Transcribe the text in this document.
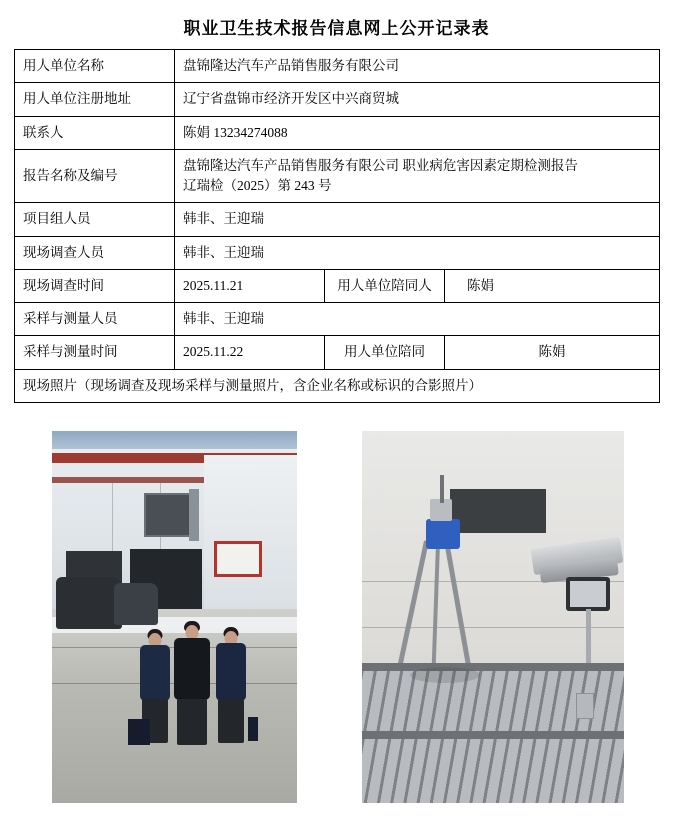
职业卫生技术报告信息网上公开记录表
用人单位名称	盘锦隆达汽车产品销售服务有限公司		
用人单位注册地址	辽宁省盘锦市经济开发区中兴商贸城		
联系人	陈娟 13234274088		
报告名称及编号	盘锦隆达汽车产品销售服务有限公司 职业病危害因素定期检测报告
辽瑞检（2025）第 243 号		

项目组人员	韩非、王迎瑞		
现场调查人员	韩非、王迎瑞		
现场调查时间	2025.11.21	用人单位陪同人	陈娟
采样与测量人员	韩非、王迎瑞		
采样与测量时间	2025.11.22	用人单位陪同	陈娟
现场照片（现场调查及现场采样与测量照片，含企业名称或标识的合影照片）			
